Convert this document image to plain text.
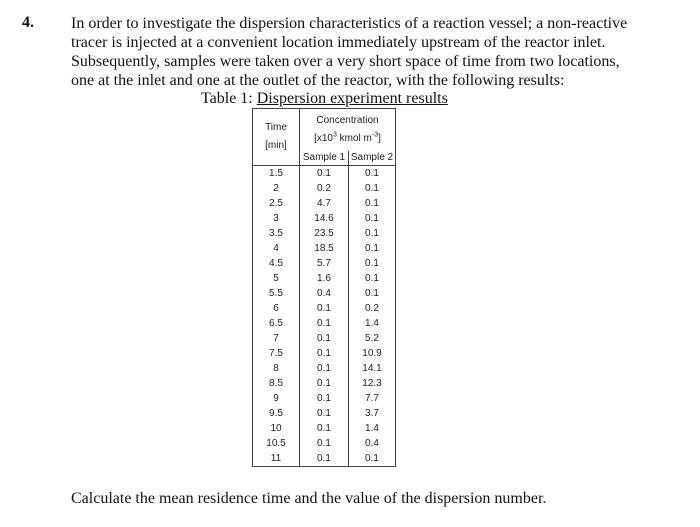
4. In order to investigate the dispersion characteristics of a reaction vessel; a non-reactive
tracer is injected at a convenient location immediately upstream of the reactor inlet.
Subsequently, samples were taken over a very short space of time from two locations,
one at the inlet and one at the outlet of the reactor, with the following results:
Table 1: Dispersion experiment results
Time
[min]	Concentration
[$x10^3$ kmol $m^{-3}$]	
	Sample 1	Sample 2
1.5	0.1	0.1
2	0.2	0.1
2.5	4.7	0.1
3	14.6	0.1
3.5	23.5	0.1
4	18.5	0.1
4.5	5.7	0.1
5	1.6	0.1
5.5	0.4	0.1
6	0.1	0.2
6.5	0.1	1.4
7	0.1	5.2
7.5	0.1	10.9
8	0.1	14.1
8.5	0.1	12.3
9	0.1	7.7
9.5	0.1	3.7
10	0.1	1.4
10.5	0.1	0.4
11	0.1	0.1
Calculate the mean residence time and the value of the dispersion number.
